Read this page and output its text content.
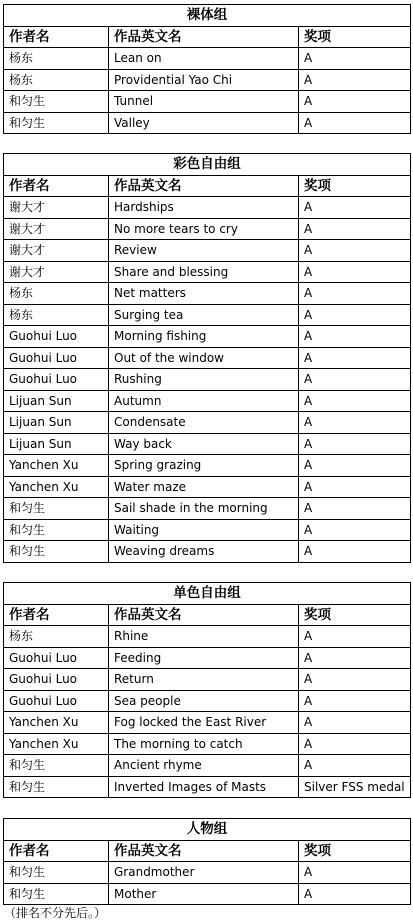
裸体组		
作者名	作品英文名	奖项
杨东	Lean on	A
杨东	Providential Yao Chi	A
和匀生	Tunnel	A
和匀生	Valley	A
彩色自由组		
作者名	作品英文名	奖项
谢大才	Hardships	A
谢大才	No more tears to cry	A
谢大才	Review	A
谢大才	Share and blessing	A
杨东	Net matters	A
杨东	Surging tea	A
Guohui Luo	Morning fishing	A
Guohui Luo	Out of the window	A
Guohui Luo	Rushing	A
Lijuan Sun	Autumn	A
Lijuan Sun	Condensate	A
Lijuan Sun	Way back	A
Yanchen Xu	Spring grazing	A
Yanchen Xu	Water maze	A
和匀生	Sail shade in the morning	A
和匀生	Waiting	A
和匀生	Weaving dreams	A
单色自由组		
作者名	作品英文名	奖项
杨东	Rhine	A
Guohui Luo	Feeding	A
Guohui Luo	Return	A
Guohui Luo	Sea people	A
Yanchen Xu	Fog locked the East River	A
Yanchen Xu	The morning to catch	A
和匀生	Ancient rhyme	A
和匀生	Inverted Images of Masts	Silver FSS medal
人物组		
作者名	作品英文名	奖项
和匀生	Grandmother	A
和匀生	Mother	A
（排名不分先后。）
